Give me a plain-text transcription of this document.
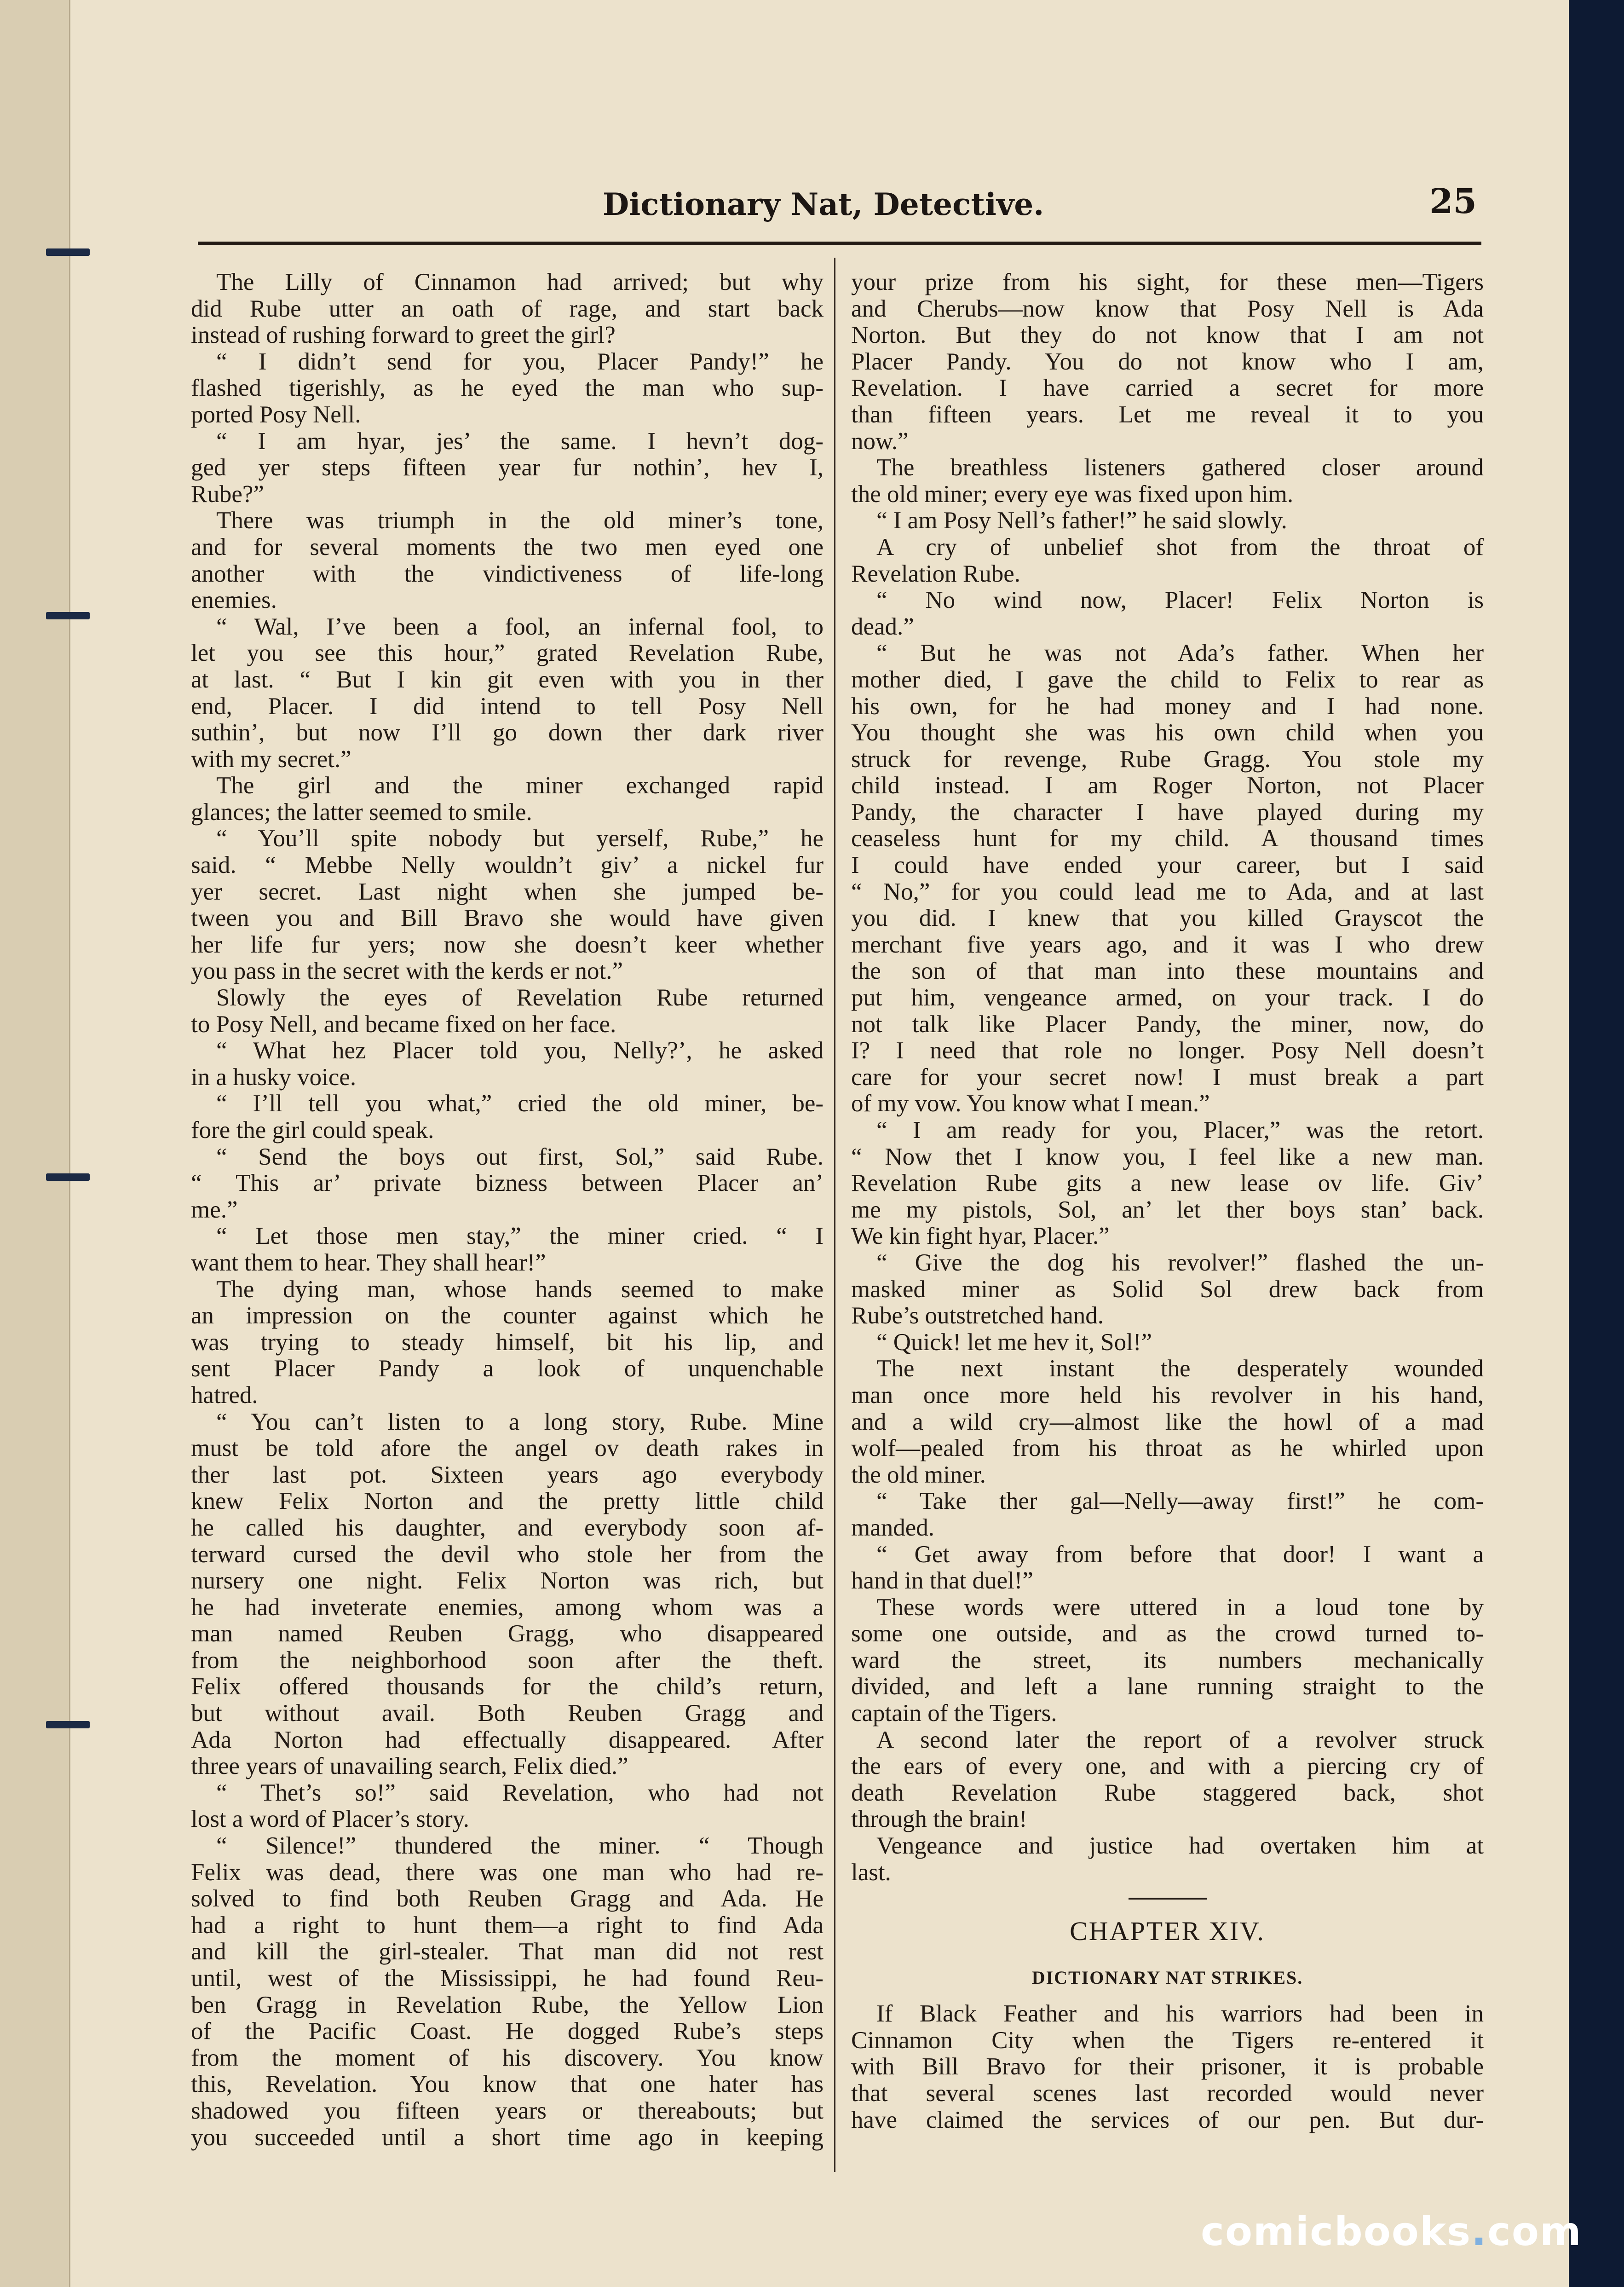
Dictionary Nat, Detective.	25
The Lilly of Cinnamon had arrived; but why
did Rube utter an oath of rage, and start back
instead of rushing forward to greet the girl?
“ I didn’t send for you, Placer Pandy!” he
flashed tigerishly, as he eyed the man who sup-
ported Posy Nell.
“ I am hyar, jes’ the same. I hevn’t dog-
ged yer steps fifteen year fur nothin’, hev I,
Rube?”
There was triumph in the old miner’s tone,
and for several moments the two men eyed one
another with the vindictiveness of life-long
enemies.
“ Wal, I’ve been a fool, an infernal fool, to
let you see this hour,” grated Revelation Rube,
at last. “ But I kin git even with you in ther
end, Placer. I did intend to tell Posy Nell
suthin’, but now I’ll go down ther dark river
with my secret.”
The girl and the miner exchanged rapid
glances; the latter seemed to smile.
“ You’ll spite nobody but yerself, Rube,” he
said. “ Mebbe Nelly wouldn’t giv’ a nickel fur
yer secret. Last night when she jumped be-
tween you and Bill Bravo she would have given
her life fur yers; now she doesn’t keer whether
you pass in the secret with the kerds er not.”
Slowly the eyes of Revelation Rube returned
to Posy Nell, and became fixed on her face.
“ What hez Placer told you, Nelly?’, he asked
in a husky voice.
“ I’ll tell you what,” cried the old miner, be-
fore the girl could speak.
“ Send the boys out first, Sol,” said Rube.
“ This ar’ private bizness between Placer an’
me.”
“ Let those men stay,” the miner cried. “ I
want them to hear. They shall hear!”
The dying man, whose hands seemed to make
an impression on the counter against which he
was trying to steady himself, bit his lip, and
sent Placer Pandy a look of unquenchable
hatred.
“ You can’t listen to a long story, Rube. Mine
must be told afore the angel ov death rakes in
ther last pot. Sixteen years ago everybody
knew Felix Norton and the pretty little child
he called his daughter, and everybody soon af-
terward cursed the devil who stole her from the
nursery one night. Felix Norton was rich, but
he had inveterate enemies, among whom was a
man named Reuben Gragg, who disappeared
from the neighborhood soon after the theft.
Felix offered thousands for the child’s return,
but without avail. Both Reuben Gragg and
Ada Norton had effectually disappeared. After
three years of unavailing search, Felix died.”
“ Thet’s so!” said Revelation, who had not
lost a word of Placer’s story.
“ Silence!” thundered the miner. “ Though
Felix was dead, there was one man who had re-
solved to find both Reuben Gragg and Ada. He
had a right to hunt them—a right to find Ada
and kill the girl-stealer. That man did not rest
until, west of the Mississippi, he had found Reu-
ben Gragg in Revelation Rube, the Yellow Lion
of the Pacific Coast. He dogged Rube’s steps
from the moment of his discovery. You know
this, Revelation. You know that one hater has
shadowed you fifteen years or thereabouts; but
you succeeded until a short time ago in keeping
your prize from his sight, for these men—Tigers
and Cherubs—now know that Posy Nell is Ada
Norton. But they do not know that I am not
Placer Pandy. You do not know who I am,
Revelation. I have carried a secret for more
than fifteen years. Let me reveal it to you
now.”
The breathless listeners gathered closer around
the old miner; every eye was fixed upon him.
“ I am Posy Nell’s father!” he said slowly.
A cry of unbelief shot from the throat of
Revelation Rube.
“ No wind now, Placer! Felix Norton is
dead.”
“ But he was not Ada’s father. When her
mother died, I gave the child to Felix to rear as
his own, for he had money and I had none.
You thought she was his own child when you
struck for revenge, Rube Gragg. You stole my
child instead. I am Roger Norton, not Placer
Pandy, the character I have played during my
ceaseless hunt for my child. A thousand times
I could have ended your career, but I said
“ No,” for you could lead me to Ada, and at last
you did. I knew that you killed Grayscot the
merchant five years ago, and it was I who drew
the son of that man into these mountains and
put him, vengeance armed, on your track. I do
not talk like Placer Pandy, the miner, now, do
I? I need that role no longer. Posy Nell doesn’t
care for your secret now! I must break a part
of my vow. You know what I mean.”
“ I am ready for you, Placer,” was the retort.
“ Now thet I know you, I feel like a new man.
Revelation Rube gits a new lease ov life. Giv’
me my pistols, Sol, an’ let ther boys stan’ back.
We kin fight hyar, Placer.”
“ Give the dog his revolver!” flashed the un-
masked miner as Solid Sol drew back from
Rube’s outstretched hand.
“ Quick! let me hev it, Sol!”
The next instant the desperately wounded
man once more held his revolver in his hand,
and a wild cry—almost like the howl of a mad
wolf—pealed from his throat as he whirled upon
the old miner.
“ Take ther gal—Nelly—away first!” he com-
manded.
“ Get away from before that door! I want a
hand in that duel!”
These words were uttered in a loud tone by
some one outside, and as the crowd turned to-
ward the street, its numbers mechanically
divided, and left a lane running straight to the
captain of the Tigers.
A second later the report of a revolver struck
the ears of every one, and with a piercing cry of
death Revelation Rube staggered back, shot
through the brain!
Vengeance and justice had overtaken him at
last.
CHAPTER XIV.
DICTIONARY NAT STRIKES.
If Black Feather and his warriors had been in
Cinnamon City when the Tigers re-entered it
with Bill Bravo for their prisoner, it is probable
that several scenes last recorded would never
have claimed the services of our pen. But dur-
comicbooks.com
